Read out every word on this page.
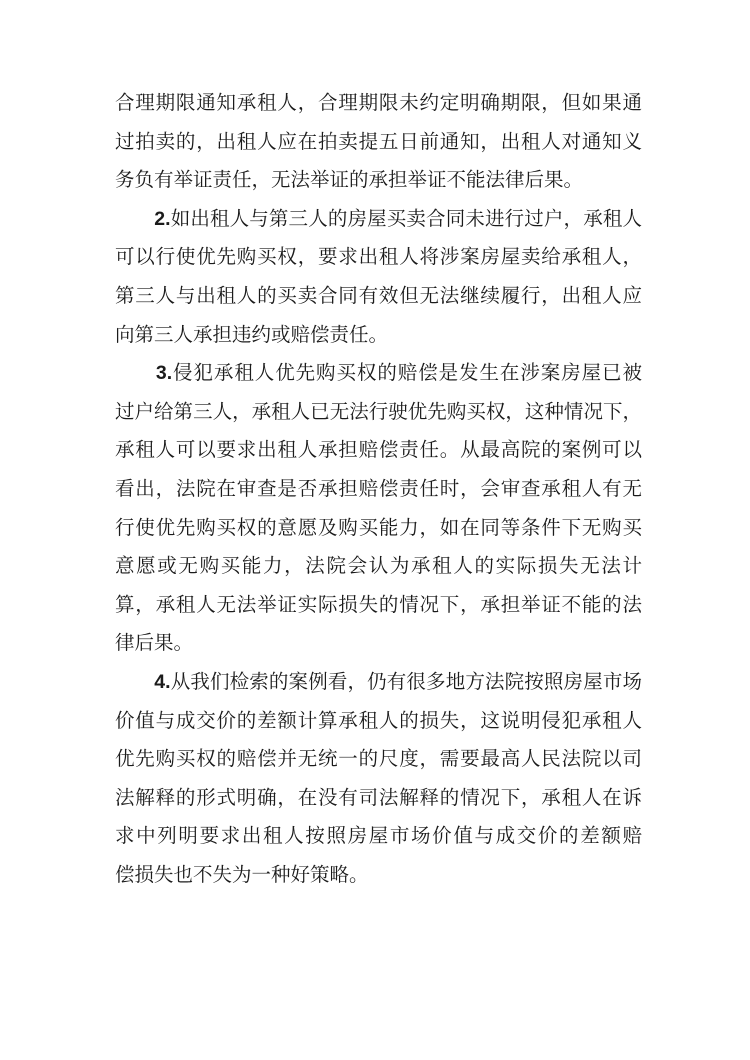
合理期限通知承租人，合理期限未约定明确期限，但如果通
过拍卖的，出租人应在拍卖提五日前通知，出租人对通知义
务负有举证责任，无法举证的承担举证不能法律后果。

　　2.如出租人与第三人的房屋买卖合同未进行过户，承租人
可以行使优先购买权，要求出租人将涉案房屋卖给承租人，
第三人与出租人的买卖合同有效但无法继续履行，出租人应
向第三人承担违约或赔偿责任。

　　3.侵犯承租人优先购买权的赔偿是发生在涉案房屋已被
过户给第三人，承租人已无法行驶优先购买权，这种情况下，
承租人可以要求出租人承担赔偿责任。从最高院的案例可以
看出，法院在审查是否承担赔偿责任时，会审查承租人有无
行使优先购买权的意愿及购买能力，如在同等条件下无购买
意愿或无购买能力，法院会认为承租人的实际损失无法计
算，承租人无法举证实际损失的情况下，承担举证不能的法
律后果。

　　4.从我们检索的案例看，仍有很多地方法院按照房屋市场
价值与成交价的差额计算承租人的损失，这说明侵犯承租人
优先购买权的赔偿并无统一的尺度，需要最高人民法院以司
法解释的形式明确，在没有司法解释的情况下，承租人在诉
求中列明要求出租人按照房屋市场价值与成交价的差额赔
偿损失也不失为一种好策略。
